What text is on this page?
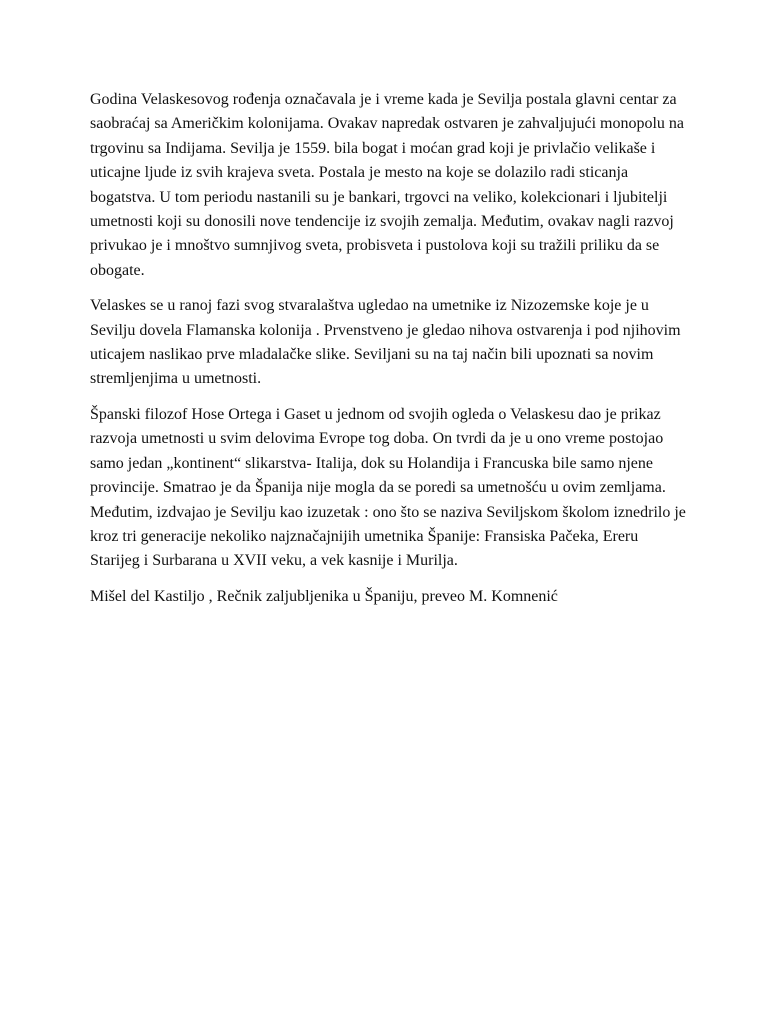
Godina Velaskesovog rođenja označavala je i vreme kada je Sevilja postala glavni centar za saobraćaj sa Američkim kolonijama. Ovakav napredak ostvaren je zahvaljujući monopolu na trgovinu sa Indijama. Sevilja je 1559. bila bogat i moćan grad koji je privlačio velikaše i uticajne ljude iz svih krajeva sveta. Postala je mesto na koje se dolazilo radi sticanja bogatstva. U tom periodu nastanili su je bankari, trgovci na veliko, kolekcionari i ljubitelji umetnosti koji su donosili nove tendencije iz svojih zemalja. Međutim, ovakav nagli razvoj privukao je i mnoštvo sumnjivog sveta, probisveta i pustolova koji su tražili priliku da se obogate.

Velaskes se u ranoj fazi svog stvaralaštva ugledao na umetnike iz Nizozemske koje je u Sevilju dovela Flamanska kolonija . Prvenstveno je gledao nihova ostvarenja i pod njihovim uticajem naslikao prve mladalačke slike. Seviljani su na taj način bili upoznati sa novim stremljenjima u umetnosti.

Španski filozof Hose Ortega i Gaset u jednom od svojih ogleda o Velaskesu dao je prikaz razvoja umetnosti u svim delovima Evrope tog doba. On tvrdi da je u ono vreme postojao samo jedan „kontinent“ slikarstva- Italija, dok su Holandija i Francuska bile samo njene provincije. Smatrao je da Španija nije mogla da se poredi sa umetnošću u ovim zemljama. Međutim, izdvajao je Sevilju kao izuzetak : ono što se naziva Seviljskom školom iznedrilo je kroz tri generacije nekoliko najznačajnijih umetnika Španije: Fransiska Pačeka, Ereru Starijeg i Surbarana u XVII veku, a vek kasnije i Murilja.

Mišel del Kastiljo , Rečnik zaljubljenika u Španiju, preveo M. Komnenić
